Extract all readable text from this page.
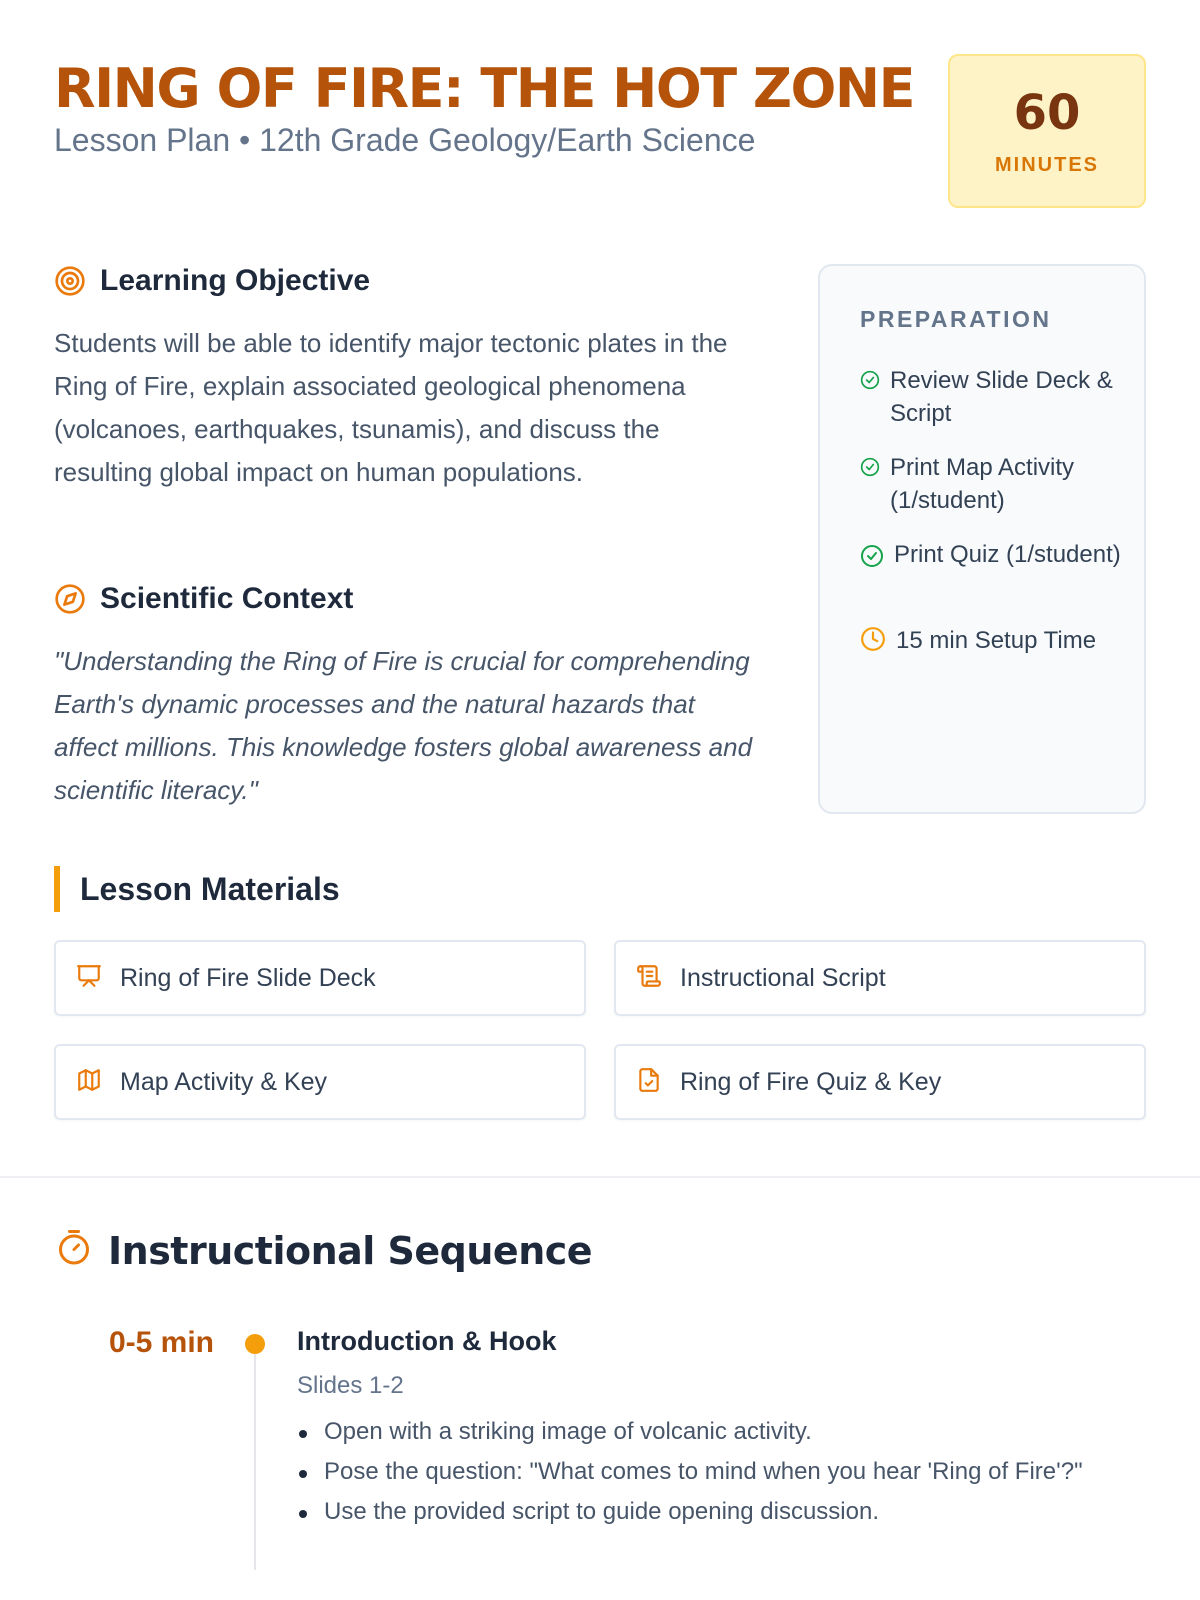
RING OF FIRE: THE HOT ZONE
Lesson Plan • 12th Grade Geology/Earth Science	60
MINUTES
Learning Objective
Students will be able to identify major tectonic plates in the Ring of Fire, explain associated geological phenomena (volcanoes, earthquakes, tsunamis), and discuss the resulting global impact on human populations.
Scientific Context
"Understanding the Ring of Fire is crucial for comprehending Earth's dynamic processes and the natural hazards that affect millions. This knowledge fosters global awareness and scientific literacy."
PREPARATION
Review Slide Deck & Script
Print Map Activity (1/student)
Print Quiz (1/student)
15 min Setup Time
Lesson Materials
Ring of Fire Slide Deck	Instructional Script
Map Activity & Key	Ring of Fire Quiz & Key
Instructional Sequence
0-5 min	Introduction & Hook
Slides 1-2
Open with a striking image of volcanic activity.
Pose the question: "What comes to mind when you hear 'Ring of Fire'?"
Use the provided script to guide opening discussion.
